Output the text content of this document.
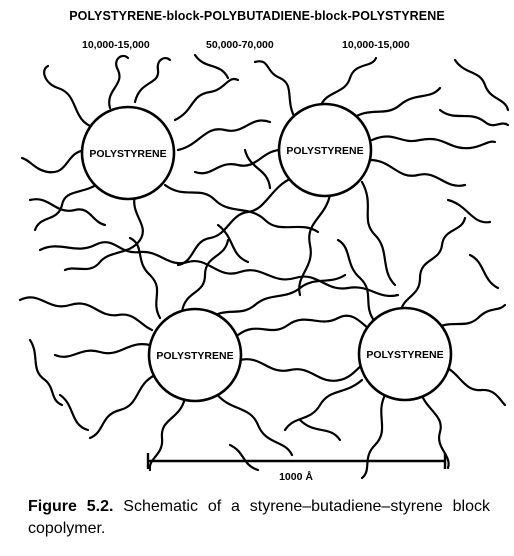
POLYSTYRENE-block-POLYBUTADIENE-block-POLYSTYRENE
10,000-15,000	50,000-70,000	10,000-15,000
POLYSTYRENE	POLYSTYRENE
POLYSTYRENE	POLYSTYRENE
1000 Å
Figure 5.2. Schematic of a styrene–butadiene–styrene block copolymer.
